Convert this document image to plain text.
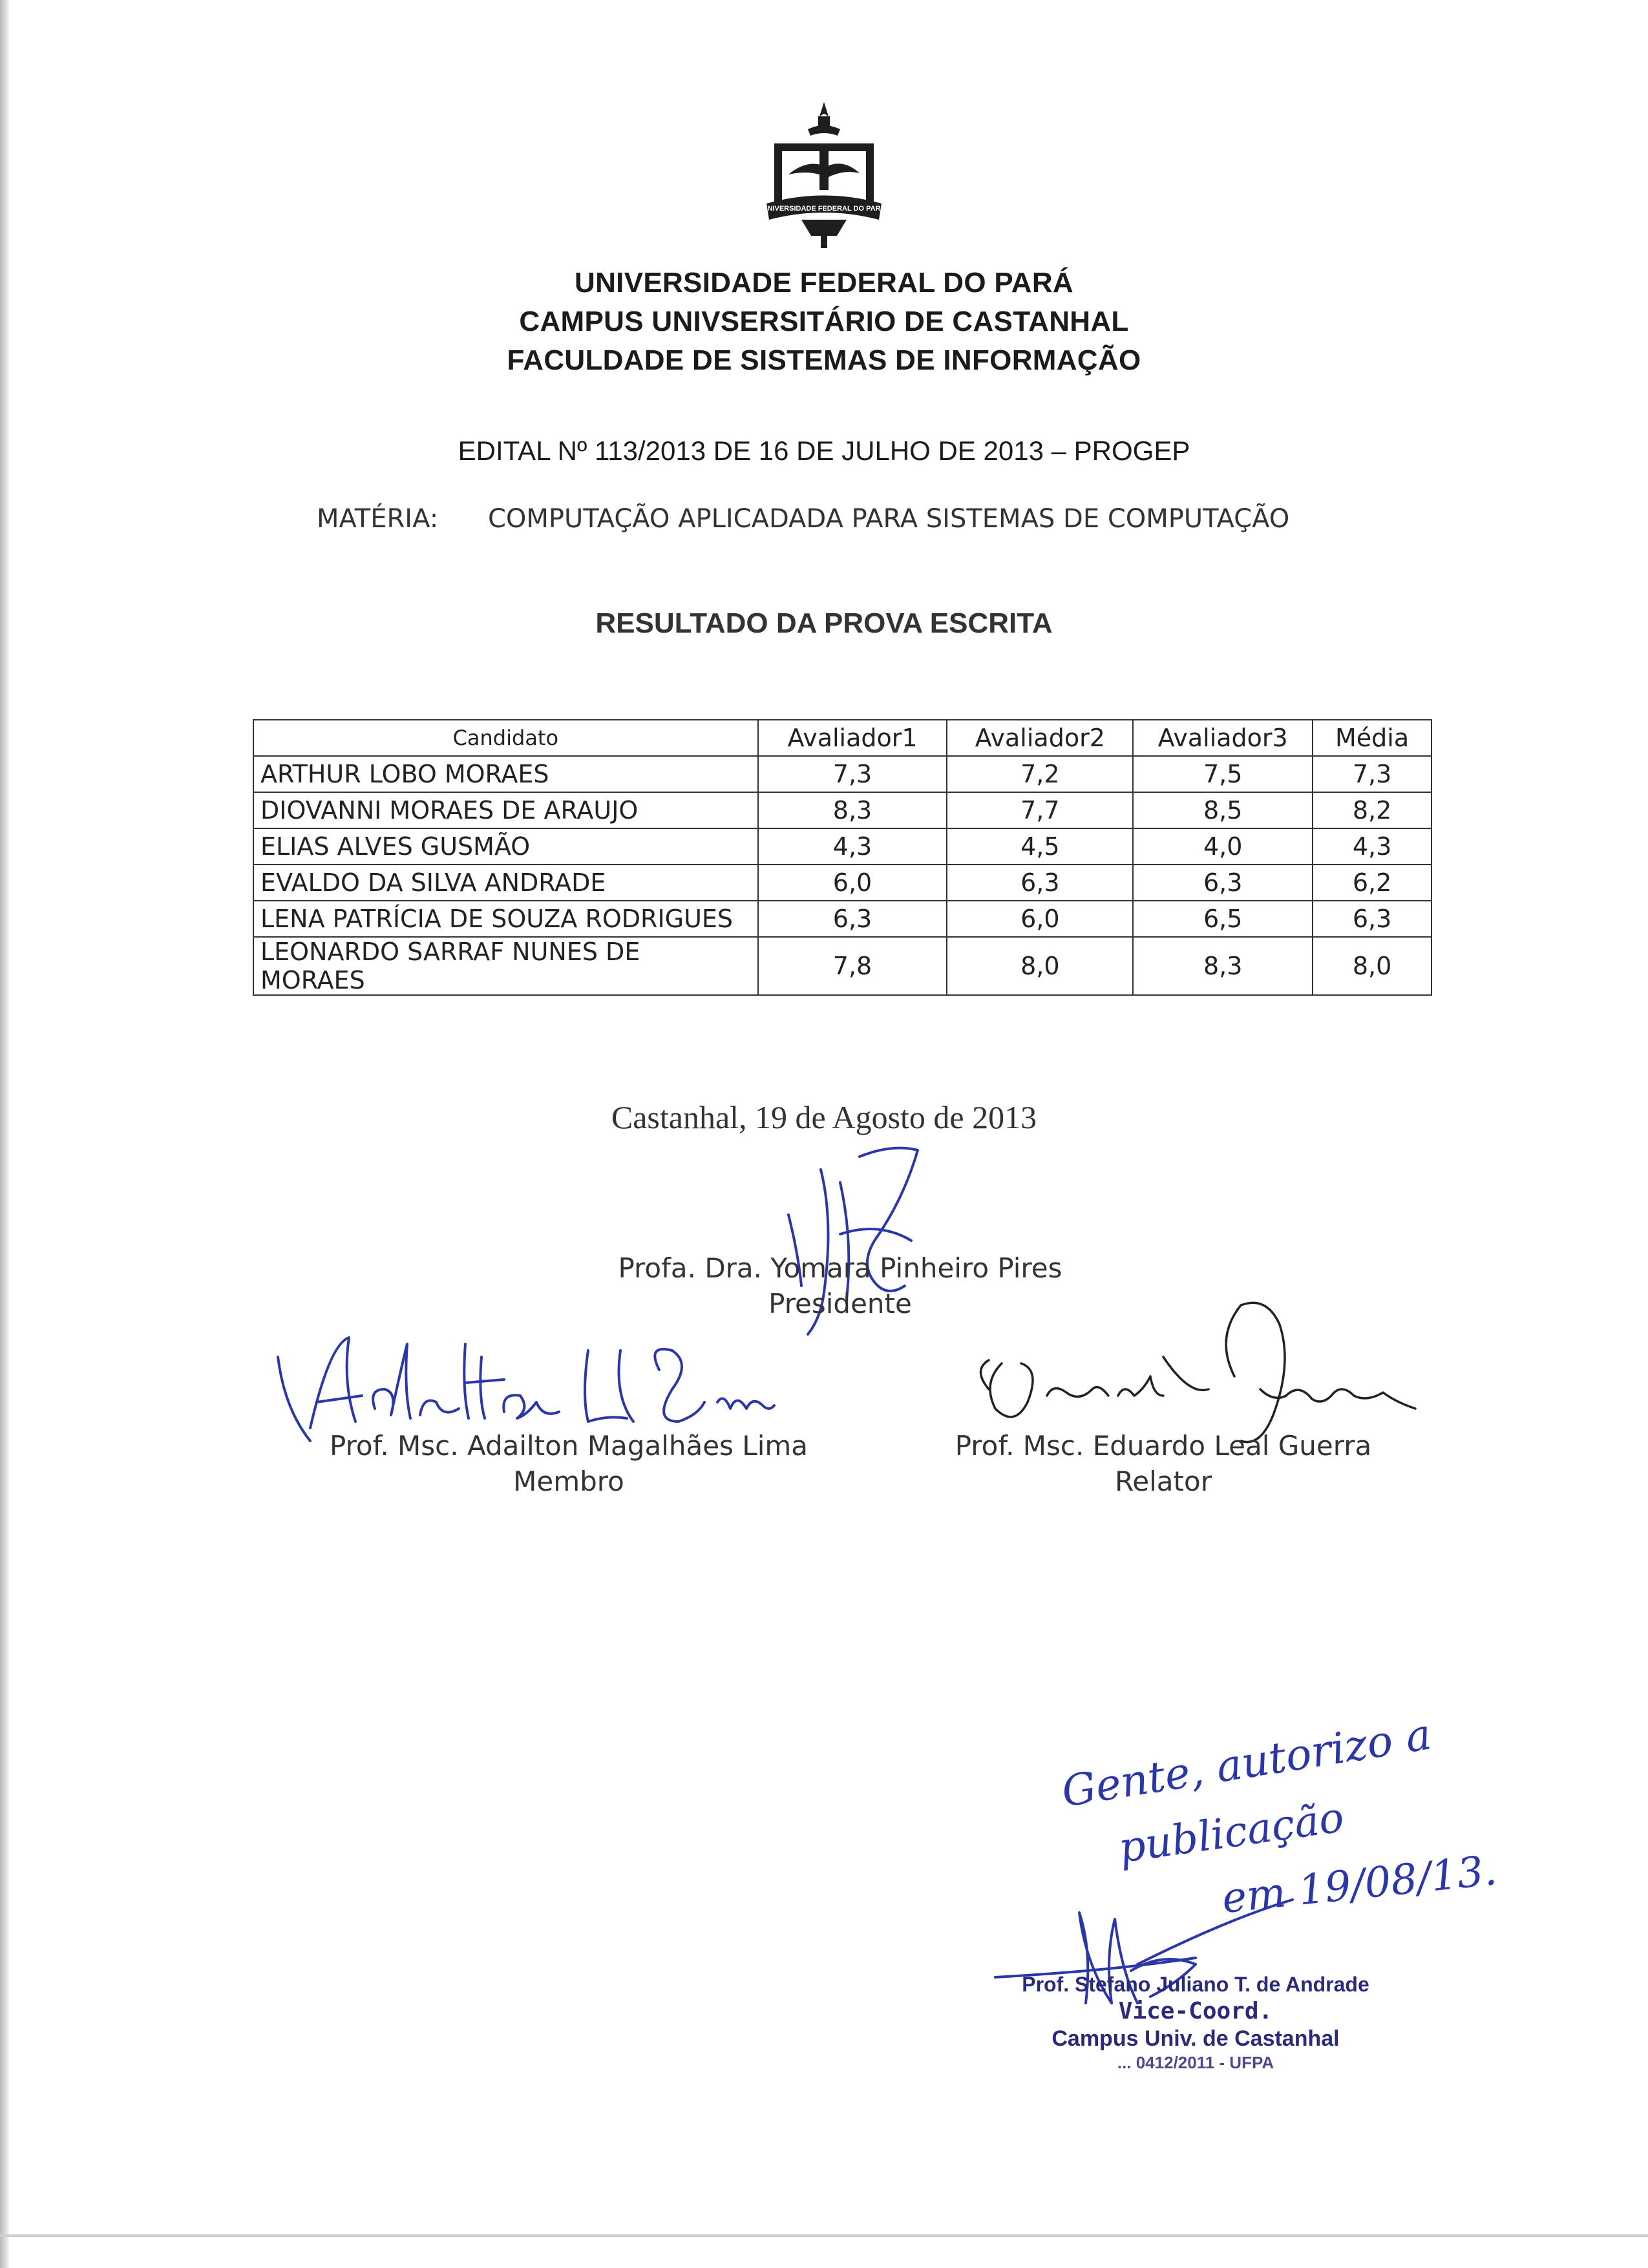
UNIVERSIDADE FEDERAL DO PARÁ
UNIVERSIDADE FEDERAL DO PARÁ
CAMPUS UNIVSERSITÁRIO DE CASTANHAL
FACULDADE DE SISTEMAS DE INFORMAÇÃO
EDITAL Nº 113/2013 DE 16 DE JULHO DE 2013 – PROGEP
MATÉRIA: COMPUTAÇÃO APLICADADA PARA SISTEMAS DE COMPUTAÇÃO
RESULTADO DA PROVA ESCRITA
Candidato	Avaliador1	Avaliador2	Avaliador3	Média
ARTHUR LOBO MORAES	7,3	7,2	7,5	7,3
DIOVANNI MORAES DE ARAUJO	8,3	7,7	8,5	8,2
ELIAS ALVES GUSMÃO	4,3	4,5	4,0	4,3
EVALDO DA SILVA ANDRADE	6,0	6,3	6,3	6,2
LENA PATRÍCIA DE SOUZA RODRIGUES	6,3	6,0	6,5	6,3
LEONARDO SARRAF NUNES DE MORAES	7,8	8,0	8,3	8,0
Castanhal, 19 de Agosto de 2013
Profa. Dra. Yomara Pinheiro Pires
Presidente
Prof. Msc. Adailton Magalhães Lima
Membro
Prof. Msc. Eduardo Leal Guerra
Relator
Gente, autorizo a
publicação
em 19/08/13.
Prof. Stefano Juliano T. de Andrade
Vice-Coord.
Campus Univ. de Castanhal
... 0412/2011 - UFPA
